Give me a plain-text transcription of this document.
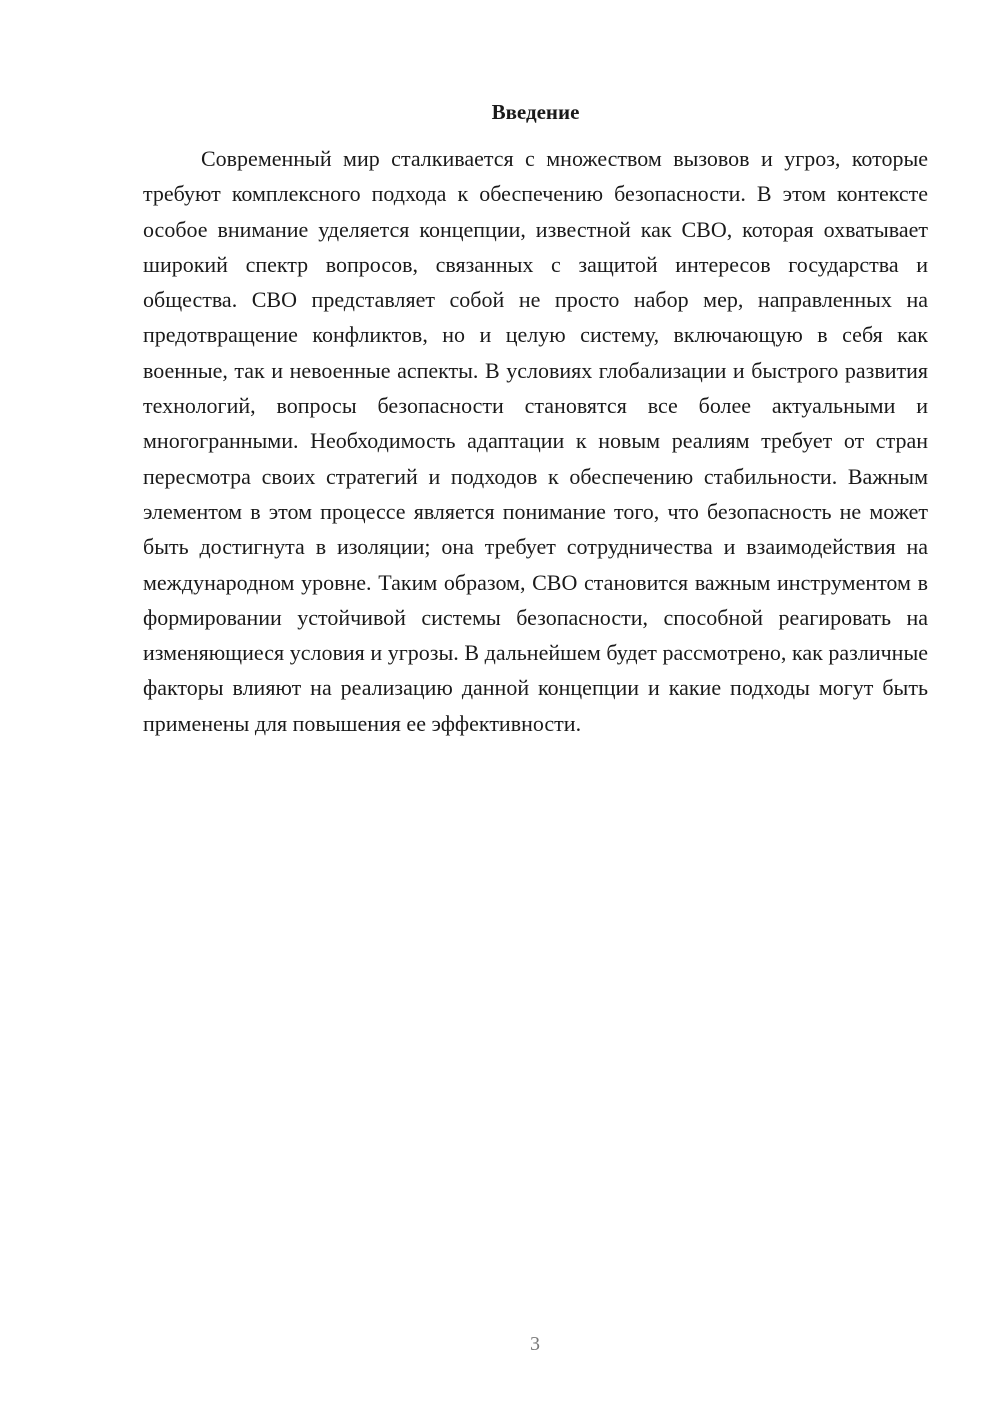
Введение

Современный мир сталкивается с множеством вызовов и угроз, которые требуют комплексного подхода к обеспечению безопасности. В этом контексте особое внимание уделяется концепции, известной как СВО, которая охватывает широкий спектр вопросов, связанных с защитой интересов государства и общества. СВО представляет собой не просто набор мер, направленных на предотвращение конфликтов, но и целую систему, включающую в себя как военные, так и невоенные аспекты. В условиях глобализации и быстрого развития технологий, вопросы безопасности становятся все более актуальными и многогранными. Необходимость адаптации к новым реалиям требует от стран пересмотра своих стратегий и подходов к обеспечению стабильности. Важным элементом в этом процессе является понимание того, что безопасность не может быть достигнута в изоляции; она требует сотрудничества и взаимодействия на международном уровне. Таким образом, СВО становится важным инструментом в формировании устойчивой системы безопасности, способной реагировать на изменяющиеся условия и угрозы. В дальнейшем будет рассмотрено, как различные факторы влияют на реализацию данной концепции и какие подходы могут быть применены для повышения ее эффективности.

3
